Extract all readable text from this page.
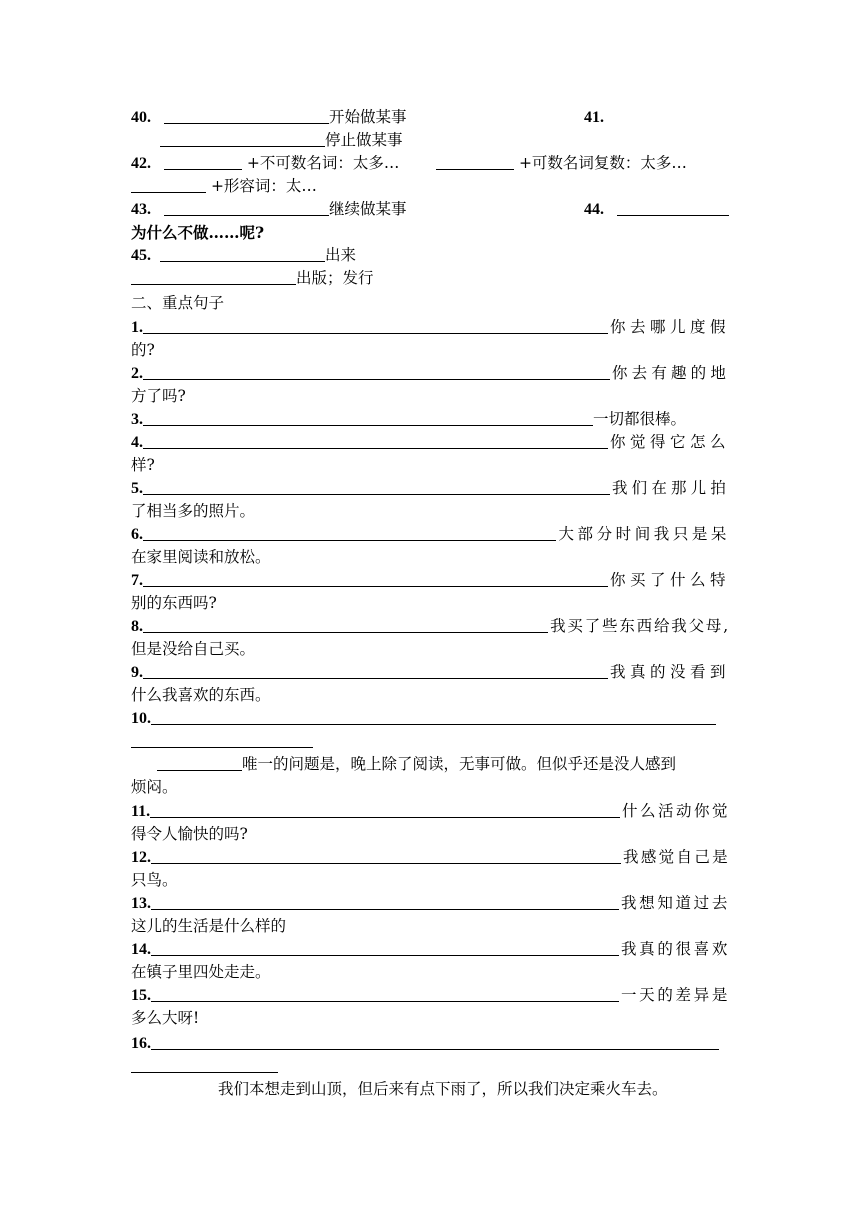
40.	开始做某事	41.
停止做某事
42.	+不可数名词：太多…	+可数名词复数：太多…
+形容词：太…
43.	继续做某事	44.
为什么不做……呢?
45.	出来
出版；发行
二、重点句子
1.	你去哪儿度假
的?
2.	你去有趣的地
方了吗?
3.	一切都很棒。
4.	你觉得它怎么
样?
5.	我们在那儿拍
了相当多的照片。
6.	大部分时间我只是呆
在家里阅读和放松。
7.	你买了什么特
别的东西吗?
8.	我买了些东西给我父母,
但是没给自己买。
9.	我真的没看到
什么我喜欢的东西。
10.
唯一的问题是，晚上除了阅读，无事可做。但似乎还是没人感到
烦闷。
11.	什么活动你觉
得令人愉快的吗?
12.	我感觉自己是
只鸟。
13.	我想知道过去
这儿的生活是什么样的
14.	我真的很喜欢
在镇子里四处走走。
15.	一天的差异是
多么大呀!
16.
我们本想走到山顶，但后来有点下雨了，所以我们决定乘火车去。
